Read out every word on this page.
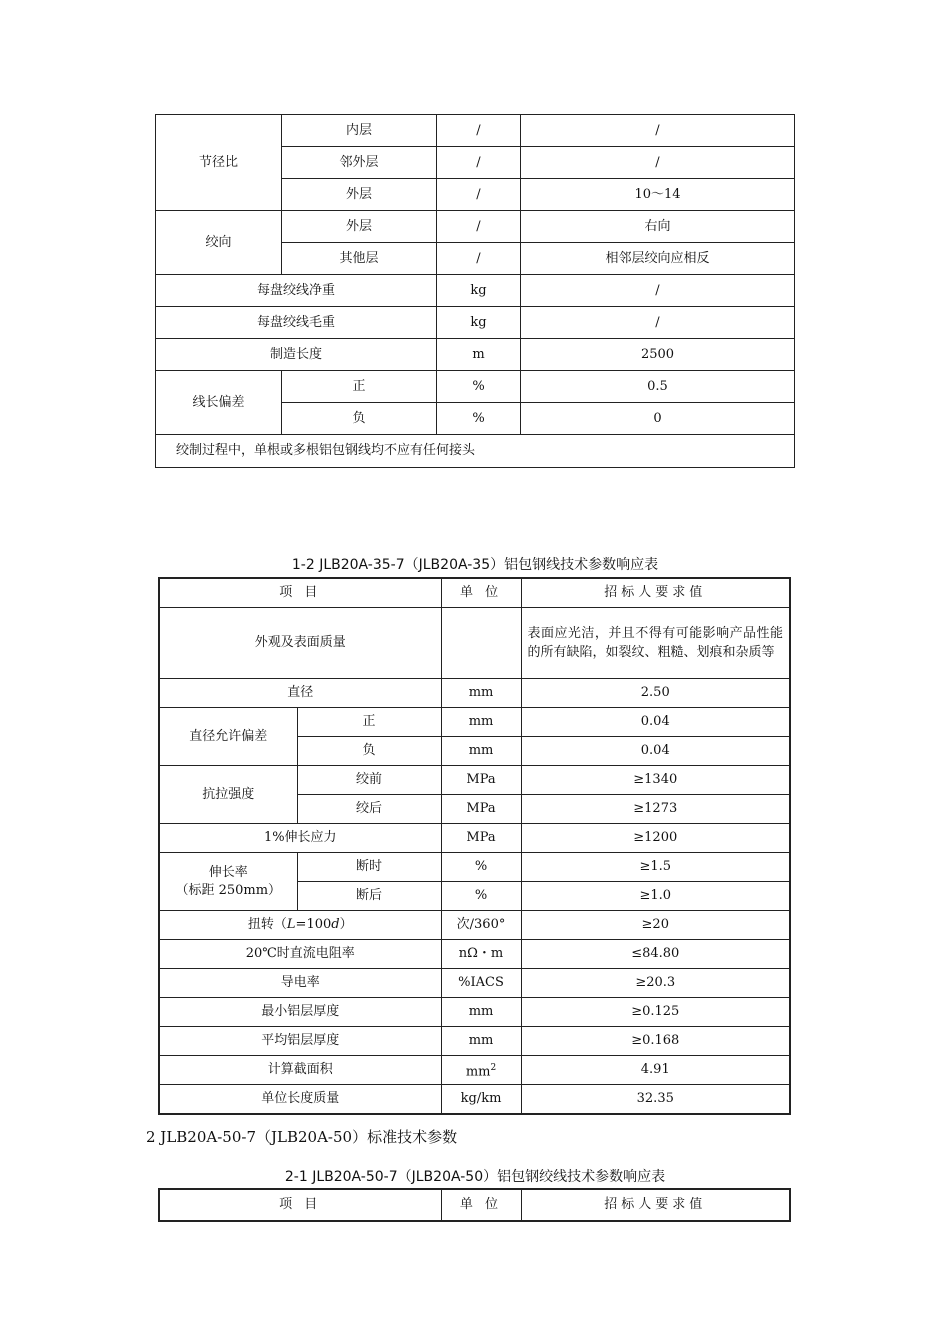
节径比	内层	/	/
	邻外层	/	/
	外层	/	10～14
绞向	外层	/	右向
	其他层	/	相邻层绞向应相反
每盘绞线净重		kg	/
每盘绞线毛重		kg	/
制造长度		m	2500
线长偏差	正	%	0.5
	负	%	0
绞制过程中，单根或多根铝包钢线均不应有任何接头			
1-2 JLB20A-35-7（JLB20A-35）铝包钢线技术参数响应表
项 目		单 位	招标人要求值
外观及表面质量			表面应光洁，并且不得有可能影响产品性能的所有缺陷，如裂纹、粗糙、划痕和杂质等
直径		mm	2.50
直径允许偏差	正	mm	0.04
	负	mm	0.04
抗拉强度	绞前	MPa	≥1340
	绞后	MPa	≥1273
1%伸长应力		MPa	≥1200

伸长率
（标距 250mm）	断时	%	≥1.5
	断后	%	≥1.0
扭转（L=100d）		次/360°	≥20
20℃时直流电阻率		nΩ・m	≤84.80
导电率		%IACS	≥20.3
最小铝层厚度		mm	≥0.125
平均铝层厚度		mm	≥0.168
计算截面积		$mm^2$	4.91
单位长度质量		kg/km	32.35
2 JLB20A-50-7（JLB20A-50）标准技术参数
2-1 JLB20A-50-7（JLB20A-50）铝包钢绞线技术参数响应表
项 目	单 位	招标人要求值
